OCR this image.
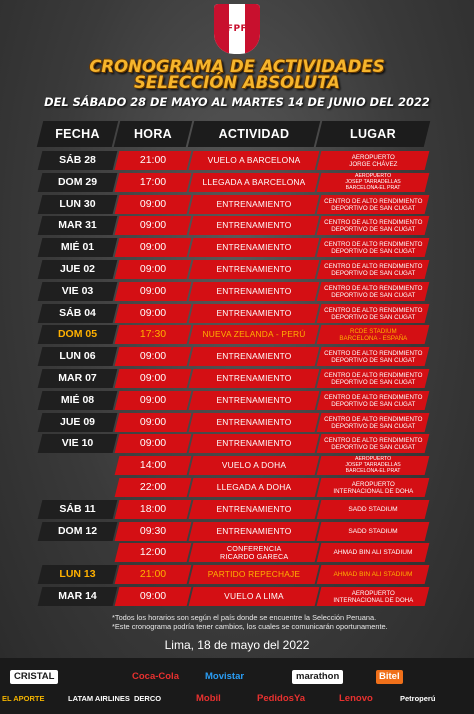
FPF
CRONOGRAMA DE ACTIVIDADES
SELECCIÓN ABSOLUTA
DEL SÁBADO 28 DE MAYO AL MARTES 14 DE JUNIO DEL 2022
FECHA	HORA	ACTIVIDAD	LUGAR
SÁB 28	21:00	VUELO A BARCELONA	AEROPUERTO
JORGE CHÁVEZ
DOM 29	17:00	LLEGADA A BARCELONA
AEROPUERTO
JOSEP TARRADELLAS
BARCELONA-EL PRAT
LUN 30	09:00	ENTRENAMIENTO	CENTRO DE ALTO RENDIMIENTO
DEPORTIVO DE SAN CUGAT
MAR 31	09:00	ENTRENAMIENTO	CENTRO DE ALTO RENDIMIENTO
DEPORTIVO DE SAN CUGAT
MIÉ 01	09:00	ENTRENAMIENTO	CENTRO DE ALTO RENDIMIENTO
DEPORTIVO DE SAN CUGAT
JUE 02	09:00	ENTRENAMIENTO	CENTRO DE ALTO RENDIMIENTO
DEPORTIVO DE SAN CUGAT
VIE 03	09:00	ENTRENAMIENTO	CENTRO DE ALTO RENDIMIENTO
DEPORTIVO DE SAN CUGAT
SÁB 04	09:00	ENTRENAMIENTO	CENTRO DE ALTO RENDIMIENTO
DEPORTIVO DE SAN CUGAT
DOM 05	17:30	NUEVA ZELANDA - PERÚ	RCDE STADIUM
BARCELONA - ESPAÑA
LUN 06	09:00	ENTRENAMIENTO	CENTRO DE ALTO RENDIMIENTO
DEPORTIVO DE SAN CUGAT
MAR 07	09:00	ENTRENAMIENTO	CENTRO DE ALTO RENDIMIENTO
DEPORTIVO DE SAN CUGAT
MIÉ 08	09:00	ENTRENAMIENTO	CENTRO DE ALTO RENDIMIENTO
DEPORTIVO DE SAN CUGAT
JUE 09	09:00	ENTRENAMIENTO	CENTRO DE ALTO RENDIMIENTO
DEPORTIVO DE SAN CUGAT
VIE 10	09:00	ENTRENAMIENTO	CENTRO DE ALTO RENDIMIENTO
DEPORTIVO DE SAN CUGAT
14:00	VUELO A DOHA
AEROPUERTO
JOSEP TARRADELLAS
BARCELONA-EL PRAT
22:00	LLEGADA A DOHA	AEROPUERTO
INTERNACIONAL DE DOHA
SÁB 11	18:00	ENTRENAMIENTO	SADD STADIUM
DOM 12	09:30	ENTRENAMIENTO	SADD STADIUM
12:00	CONFERENCIA
RICARDO GARECA	AHMAD BIN ALI STADIUM
LUN 13	21:00	PARTIDO REPECHAJE	AHMAD BIN ALI STADIUM
MAR 14	09:00	VUELO A LIMA	AEROPUERTO
INTERNACIONAL DE DOHA
*Todos los horarios son según el país donde se encuentre la Selección Peruana.
*Este cronograma podría tener cambios, los cuales se comunicarán oportunamente.
Lima, 18 de mayo del 2022
CRISTAL	Coca-Cola	Movistar	marathon	Bitel
EL APORTE	LATAM AIRLINES DERCO	Mobil	PedidosYa	Lenovo	Petroperú
